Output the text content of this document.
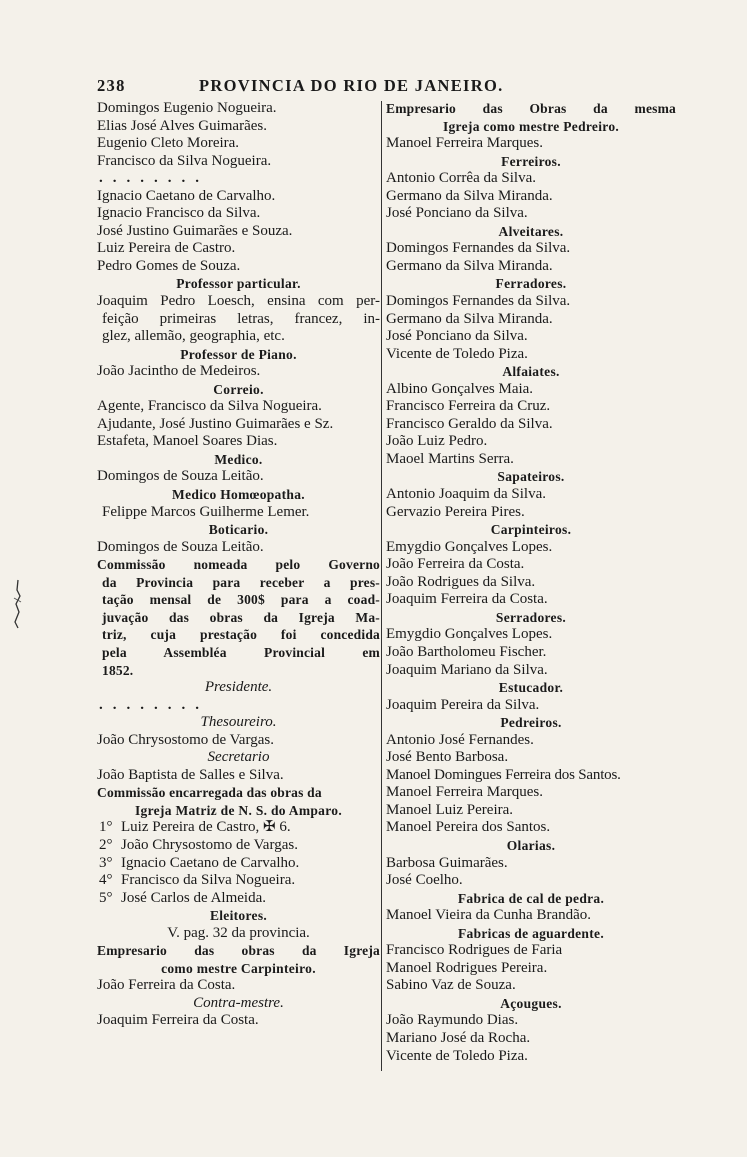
238	PROVINCIA DO RIO DE JANEIRO.
Domingos Eugenio Nogueira.
Elias José Alves Guimarães.
Eugenio Cleto Moreira.
Francisco da Silva Nogueira.
........
Ignacio Caetano de Carvalho.
Ignacio Francisco da Silva.
José Justino Guimarães e Souza.
Luiz Pereira de Castro.
Pedro Gomes de Souza.
Professor particular.
Joaquim Pedro Loesch, ensina com per-
feição primeiras letras, francez, in-
glez, allemão, geographia, etc.
Professor de Piano.
João Jacintho de Medeiros.
Correio.
Agente, Francisco da Silva Nogueira.
Ajudante, José Justino Guimarães e Sz.
Estafeta, Manoel Soares Dias.
Medico.
Domingos de Souza Leitão.
Medico Homœopatha.
Felippe Marcos Guilherme Lemer.
Boticario.
Domingos de Souza Leitão.
Commissão nomeada pelo Governo
da Provincia para receber a pres-
tação mensal de 300$ para a coad-
juvação das obras da Igreja Ma-
triz, cuja prestação foi concedida
pela Assembléa Provincial em
1852.
Presidente.
........
Thesoureiro.
João Chrysostomo de Vargas.
Secretario
João Baptista de Salles e Silva.
Commissão encarregada das obras da
Igreja Matriz de N. S. do Amparo.
1° Luiz Pereira de Castro, ✠ 6.
2° João Chrysostomo de Vargas.
3° Ignacio Caetano de Carvalho.
4° Francisco da Silva Nogueira.
5° José Carlos de Almeida.
Eleitores.
V. pag. 32 da provincia.
Empresario das obras da Igreja
como mestre Carpinteiro.
João Ferreira da Costa.
Contra-mestre.
Joaquim Ferreira da Costa.
Empresario das Obras da mesma
Igreja como mestre Pedreiro.
Manoel Ferreira Marques.
Ferreiros.
Antonio Corrêa da Silva.
Germano da Silva Miranda.
José Ponciano da Silva.
Alveitares.
Domingos Fernandes da Silva.
Germano da Silva Miranda.
Ferradores.
Domingos Fernandes da Silva.
Germano da Silva Miranda.
José Ponciano da Silva.
Vicente de Toledo Piza.
Alfaiates.
Albino Gonçalves Maia.
Francisco Ferreira da Cruz.
Francisco Geraldo da Silva.
João Luiz Pedro.
Maoel Martins Serra.
Sapateiros.
Antonio Joaquim da Silva.
Gervazio Pereira Pires.
Carpinteiros.
Emygdio Gonçalves Lopes.
João Ferreira da Costa.
João Rodrigues da Silva.
Joaquim Ferreira da Costa.
Serradores.
Emygdio Gonçalves Lopes.
João Bartholomeu Fischer.
Joaquim Mariano da Silva.
Estucador.
Joaquim Pereira da Silva.
Pedreiros.
Antonio José Fernandes.
José Bento Barbosa.
Manoel Domingues Ferreira dos Santos.
Manoel Ferreira Marques.
Manoel Luiz Pereira.
Manoel Pereira dos Santos.
Olarias.
Barbosa Guimarães.
José Coelho.
Fabrica de cal de pedra.
Manoel Vieira da Cunha Brandão.
Fabricas de aguardente.
Francisco Rodrigues de Faria
Manoel Rodrigues Pereira.
Sabino Vaz de Souza.
Açougues.
João Raymundo Dias.
Mariano José da Rocha.
Vicente de Toledo Piza.
